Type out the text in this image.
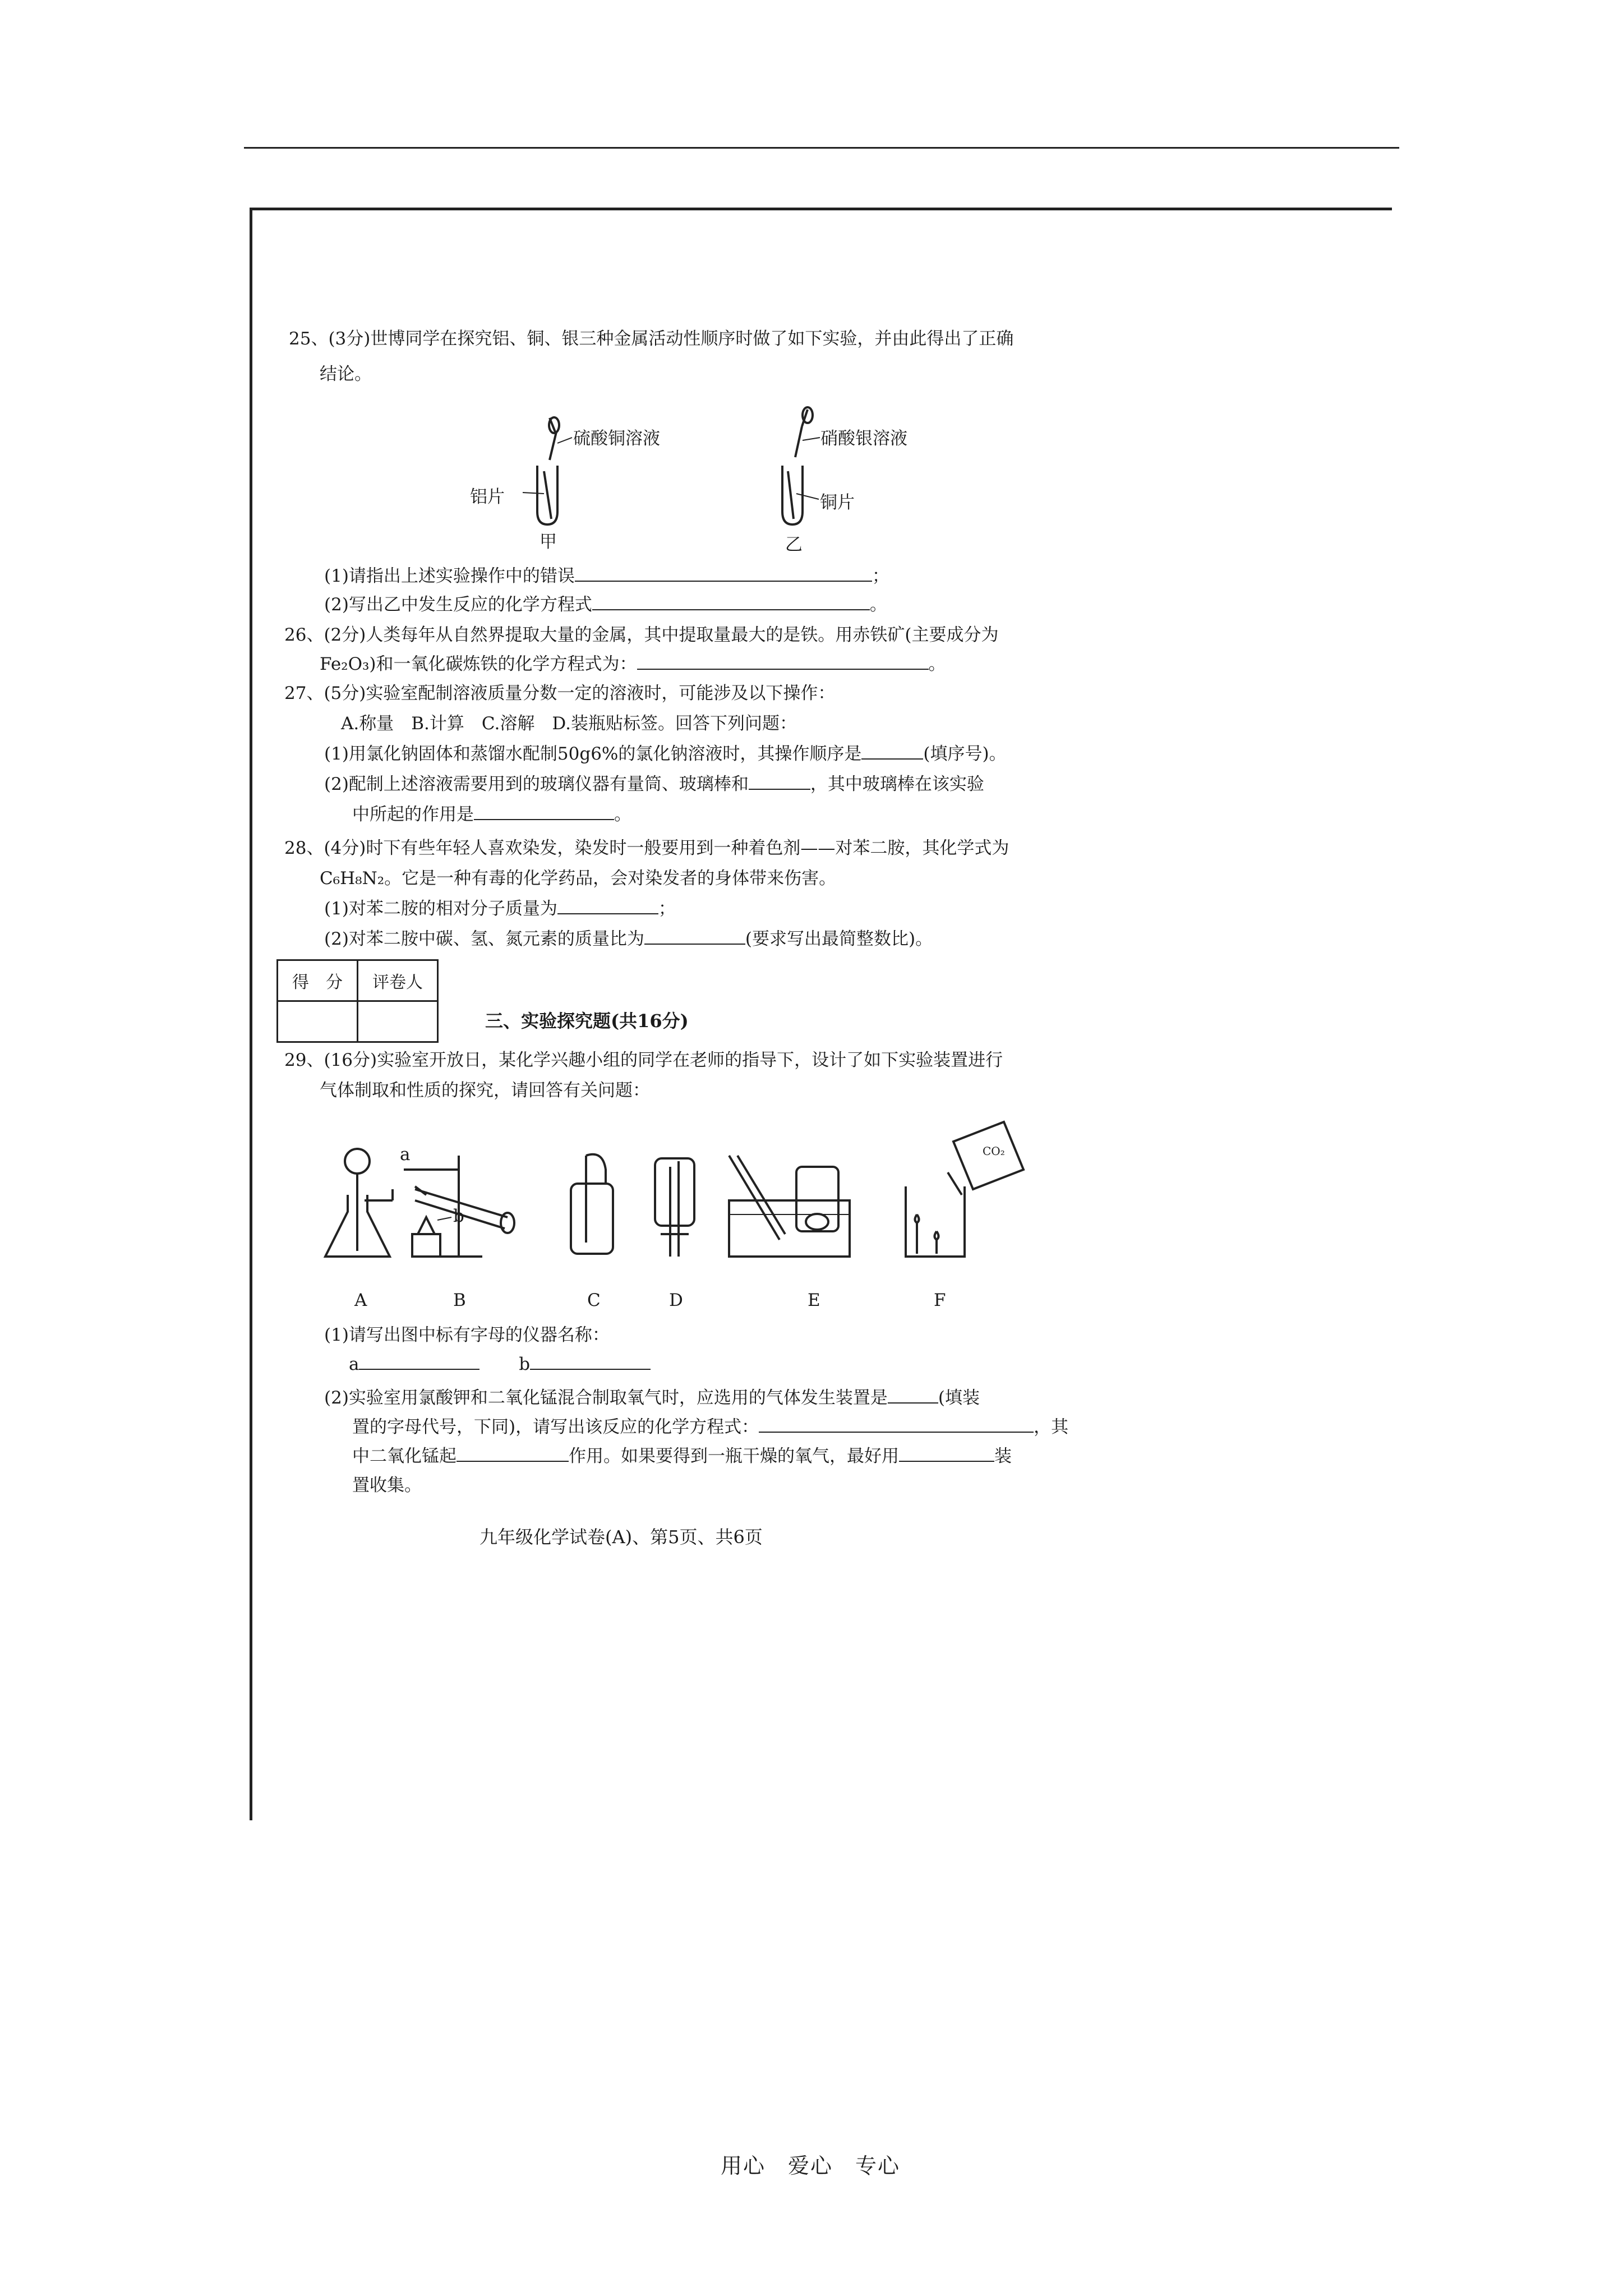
25、(3分)世博同学在探究铝、铜、银三种金属活动性顺序时做了如下实验，并由此得出了正确
结论。
硫酸铜溶液
铝片
甲
硝酸银溶液
铜片
乙
(1)请指出上述实验操作中的错误	；
(2)写出乙中发生反应的化学方程式	。
26、(2分)人类每年从自然界提取大量的金属，其中提取量最大的是铁。用赤铁矿(主要成分为
Fe₂O₃)和一氧化碳炼铁的化学方程式为：	。
27、(5分)实验室配制溶液质量分数一定的溶液时，可能涉及以下操作：
A.称量　B.计算　C.溶解　D.装瓶贴标签。回答下列问题：
(1)用氯化钠固体和蒸馏水配制50g6%的氯化钠溶液时，其操作顺序是	(填序号)。
(2)配制上述溶液需要用到的玻璃仪器有量筒、玻璃棒和	，其中玻璃棒在该实验
中所起的作用是	。
28、(4分)时下有些年轻人喜欢染发，染发时一般要用到一种着色剂——对苯二胺，其化学式为
C₆H₈N₂。它是一种有毒的化学药品，会对染发者的身体带来伤害。
(1)对苯二胺的相对分子质量为	；
(2)对苯二胺中碳、氢、氮元素的质量比为	(要求写出最简整数比)。
得　分	评卷人

三、实验探究题(共16分)
29、(16分)实验室开放日，某化学兴趣小组的同学在老师的指导下，设计了如下实验装置进行
气体制取和性质的探究，请回答有关问题：
a
b
CO₂
A	B	C	D	E	F
(1)请写出图中标有字母的仪器名称：
a	b
(2)实验室用氯酸钾和二氧化锰混合制取氧气时，应选用的气体发生装置是	(填装
置的字母代号，下同)，请写出该反应的化学方程式：	，其
中二氧化锰起	作用。如果要得到一瓶干燥的氧气，最好用	装
置收集。
九年级化学试卷(A)、第5页、共6页
用心　爱心　专心
